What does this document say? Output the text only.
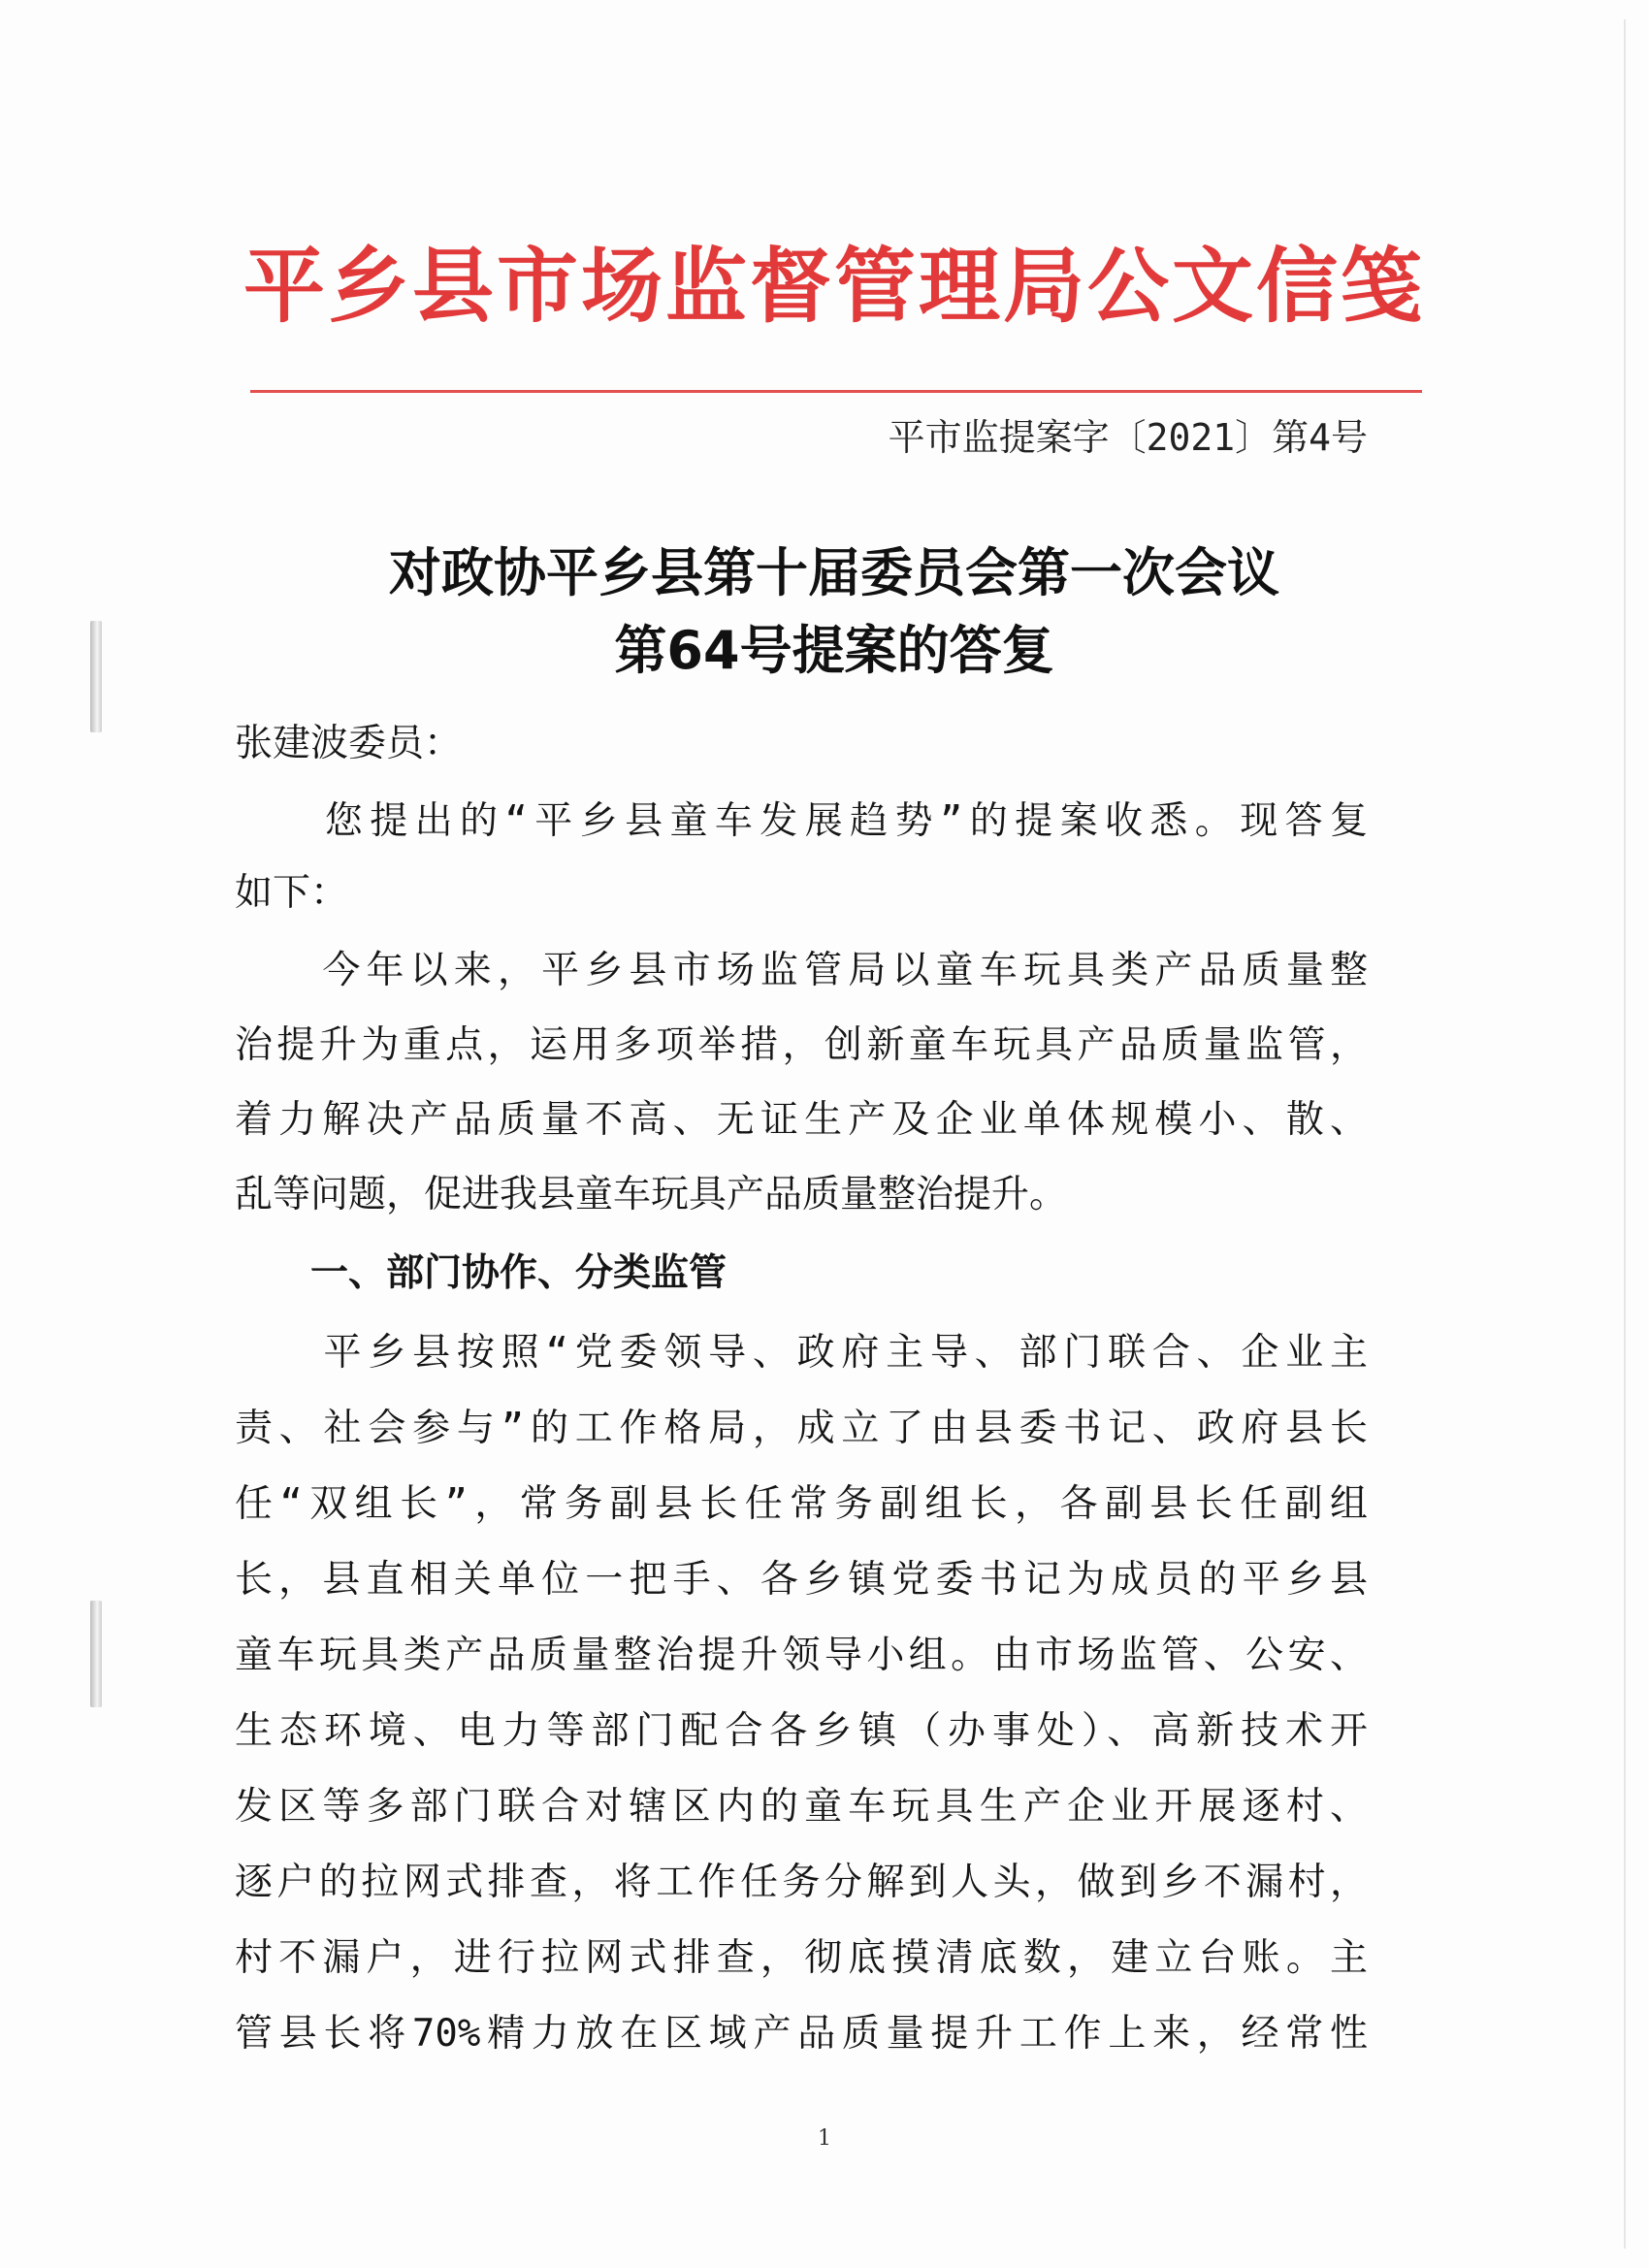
平乡县市场监督管理局公文信笺
平市监提案字〔2021〕第4号
对政协平乡县第十届委员会第一次会议
第64号提案的答复
张建波委员：
　　您提出的“平乡县童车发展趋势”的提案收悉。现答复
如下：
　　今年以来，平乡县市场监管局以童车玩具类产品质量整
治提升为重点，运用多项举措，创新童车玩具产品质量监管，
着力解决产品质量不高、无证生产及企业单体规模小、散、
乱等问题，促进我县童车玩具产品质量整治提升。
　　一、部门协作、分类监管
　　平乡县按照“党委领导、政府主导、部门联合、企业主
责、社会参与”的工作格局，成立了由县委书记、政府县长
任“双组长”，常务副县长任常务副组长，各副县长任副组
长，县直相关单位一把手、各乡镇党委书记为成员的平乡县
童车玩具类产品质量整治提升领导小组。由市场监管、公安、
生态环境、电力等部门配合各乡镇（办事处）、高新技术开
发区等多部门联合对辖区内的童车玩具生产企业开展逐村、
逐户的拉网式排查，将工作任务分解到人头，做到乡不漏村，
村不漏户，进行拉网式排查，彻底摸清底数，建立台账。主
管县长将70%精力放在区域产品质量提升工作上来，经常性
1
